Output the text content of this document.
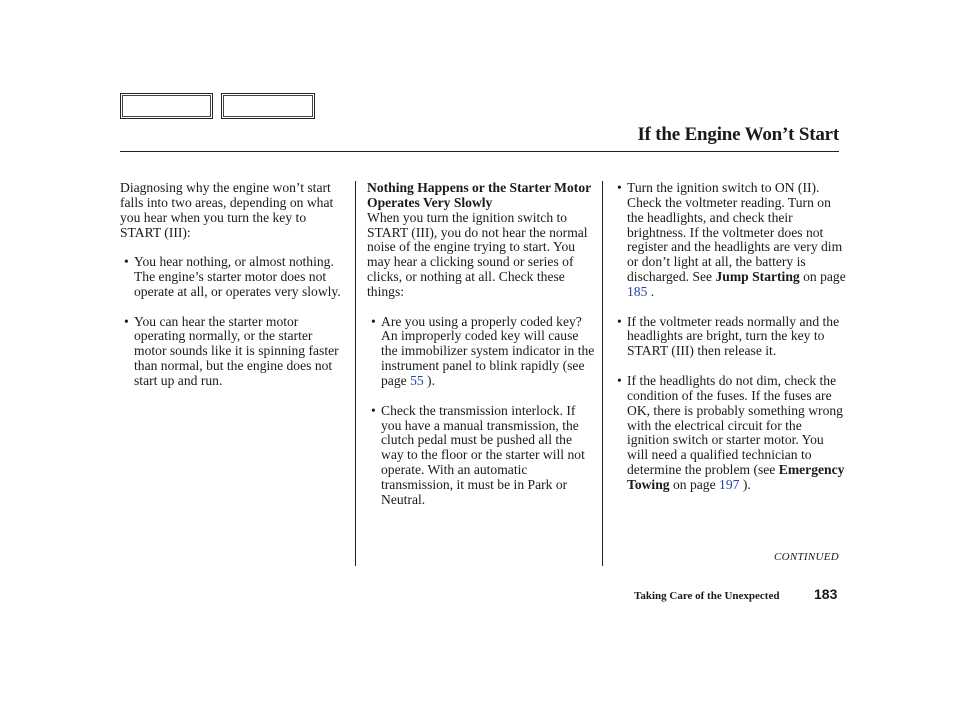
If the Engine Won’t Start

Diagnosing why the engine won’t start falls into two areas, depending on what you hear when you turn the key to START (III):

• You hear nothing, or almost nothing. The engine’s starter motor does not operate at all, or operates very slowly.
• You can hear the starter motor operating normally, or the starter motor sounds like it is spinning faster than normal, but the engine does not start up and run.

Nothing Happens or the Starter Motor Operates Very Slowly

When you turn the ignition switch to START (III), you do not hear the normal noise of the engine trying to start. You may hear a clicking sound or series of clicks, or nothing at all. Check these things:

• Are you using a properly coded key? An improperly coded key will cause the immobilizer system indicator in the instrument panel to blink rapidly (see page 55 ).
• Check the transmission interlock. If you have a manual transmission, the clutch pedal must be pushed all the way to the floor or the starter will not operate. With an automatic transmission, it must be in Park or Neutral.
• Turn the ignition switch to ON (II). Check the voltmeter reading. Turn on the headlights, and check their brightness. If the voltmeter does not register and the headlights are very dim or don’t light at all, the battery is discharged. See Jump Starting on page 185 .
• If the voltmeter reads normally and the headlights are bright, turn the key to START (III) then release it.
• If the headlights do not dim, check the condition of the fuses. If the fuses are OK, there is probably something wrong with the electrical circuit for the ignition switch or starter motor. You will need a qualified technician to determine the problem (see Emergency Towing on page 197 ).
CONTINUED
Taking Care of the Unexpected 183
